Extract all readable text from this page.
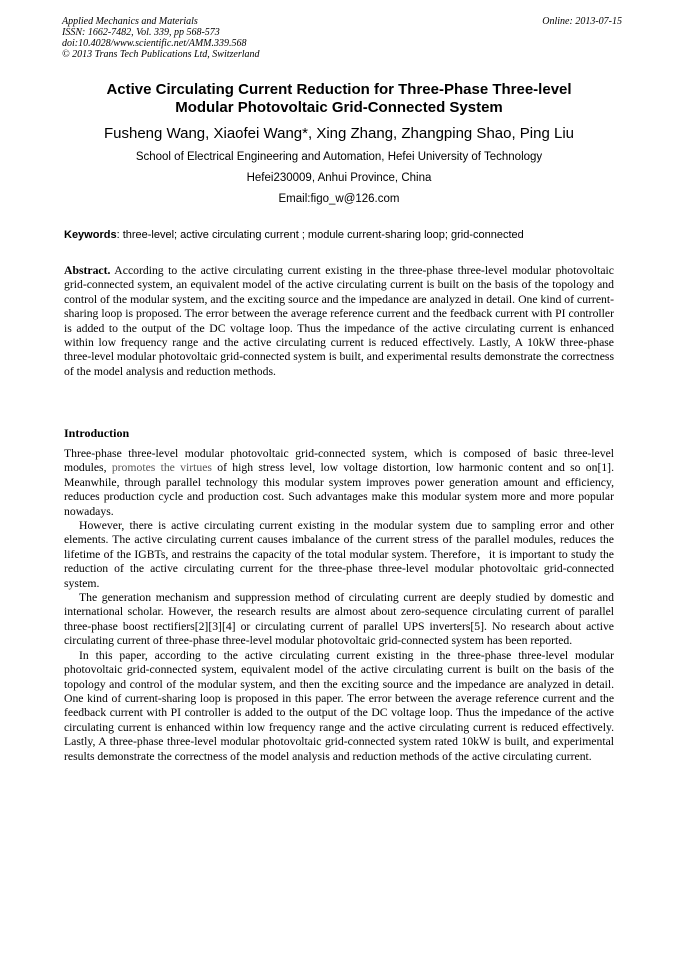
Applied Mechanics and Materials
ISSN: 1662-7482, Vol. 339, pp 568-573
doi:10.4028/www.scientific.net/AMM.339.568
© 2013 Trans Tech Publications Ltd, Switzerland
Online: 2013-07-15
Active Circulating Current Reduction for Three-Phase Three-level
Modular Photovoltaic Grid-Connected System
Fusheng Wang, Xiaofei Wang*, Xing Zhang, Zhangping Shao, Ping Liu
School of Electrical Engineering and Automation, Hefei University of Technology
Hefei230009, Anhui Province, China
Email:figo_w@126.com
Keywords: three-level; active circulating current ; module current-sharing loop; grid-connected
Abstract. According to the active circulating current existing in the three-phase three-level modular photovoltaic grid-connected system, an equivalent model of the active circulating current is built on the basis of the topology and control of the modular system, and the exciting source and the impedance are analyzed in detail. One kind of current-sharing loop is proposed. The error between the average reference current and the feedback current with PI controller is added to the output of the DC voltage loop. Thus the impedance of the active circulating current is enhanced within low frequency range and the active circulating current is reduced effectively. Lastly, A 10kW three-phase three-level modular photovoltaic grid-connected system is built, and experimental results demonstrate the correctness of the model analysis and reduction methods.
Introduction

Three-phase three-level modular photovoltaic grid-connected system, which is composed of basic three-level modules, promotes the virtues of high stress level, low voltage distortion, low harmonic content and so on[1]. Meanwhile, through parallel technology this modular system improves power generation amount and efficiency, reduces production cycle and production cost. Such advantages make this modular system more and more popular nowadays.

However, there is active circulating current existing in the modular system due to sampling error and other elements. The active circulating current causes imbalance of the current stress of the parallel modules, reduces the lifetime of the IGBTs, and restrains the capacity of the total modular system. Therefore，it is important to study the reduction of the active circulating current for the three-phase three-level modular photovoltaic grid-connected system.

The generation mechanism and suppression method of circulating current are deeply studied by domestic and international scholar. However, the research results are almost about zero-sequence circulating current of parallel three-phase boost rectifiers[2][3][4] or circulating current of parallel UPS inverters[5]. No research about active circulating current of three-phase three-level modular photovoltaic grid-connected system has been reported.

In this paper, according to the active circulating current existing in the three-phase three-level modular photovoltaic grid-connected system, equivalent model of the active circulating current is built on the basis of the topology and control of the modular system, and then the exciting source and the impedance are analyzed in detail. One kind of current-sharing loop is proposed in this paper. The error between the average reference current and the feedback current with PI controller is added to the output of the DC voltage loop. Thus the impedance of the active circulating current is enhanced within low frequency range and the active circulating current is reduced effectively. Lastly, A three-phase three-level modular photovoltaic grid-connected system rated 10kW is built, and experimental results demonstrate the correctness of the model analysis and reduction methods of the active circulating current.
